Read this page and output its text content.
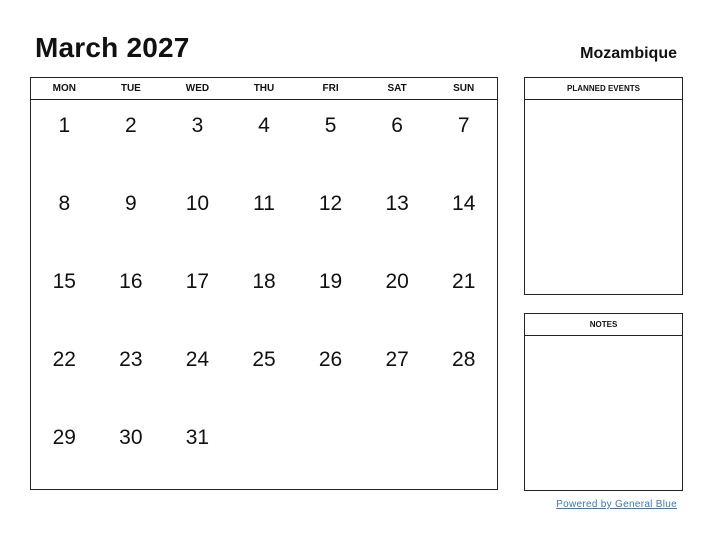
March 2027	Mozambique
MON	TUE	WED	THU	FRI	SAT	SUN
1	2	3	4	5	6	7
8	9	10	11	12	13	14
15	16	17	18	19	20	21
22	23	24	25	26	27	28
29	30	31
PLANNED EVENTS
NOTES
Powered by General Blue
